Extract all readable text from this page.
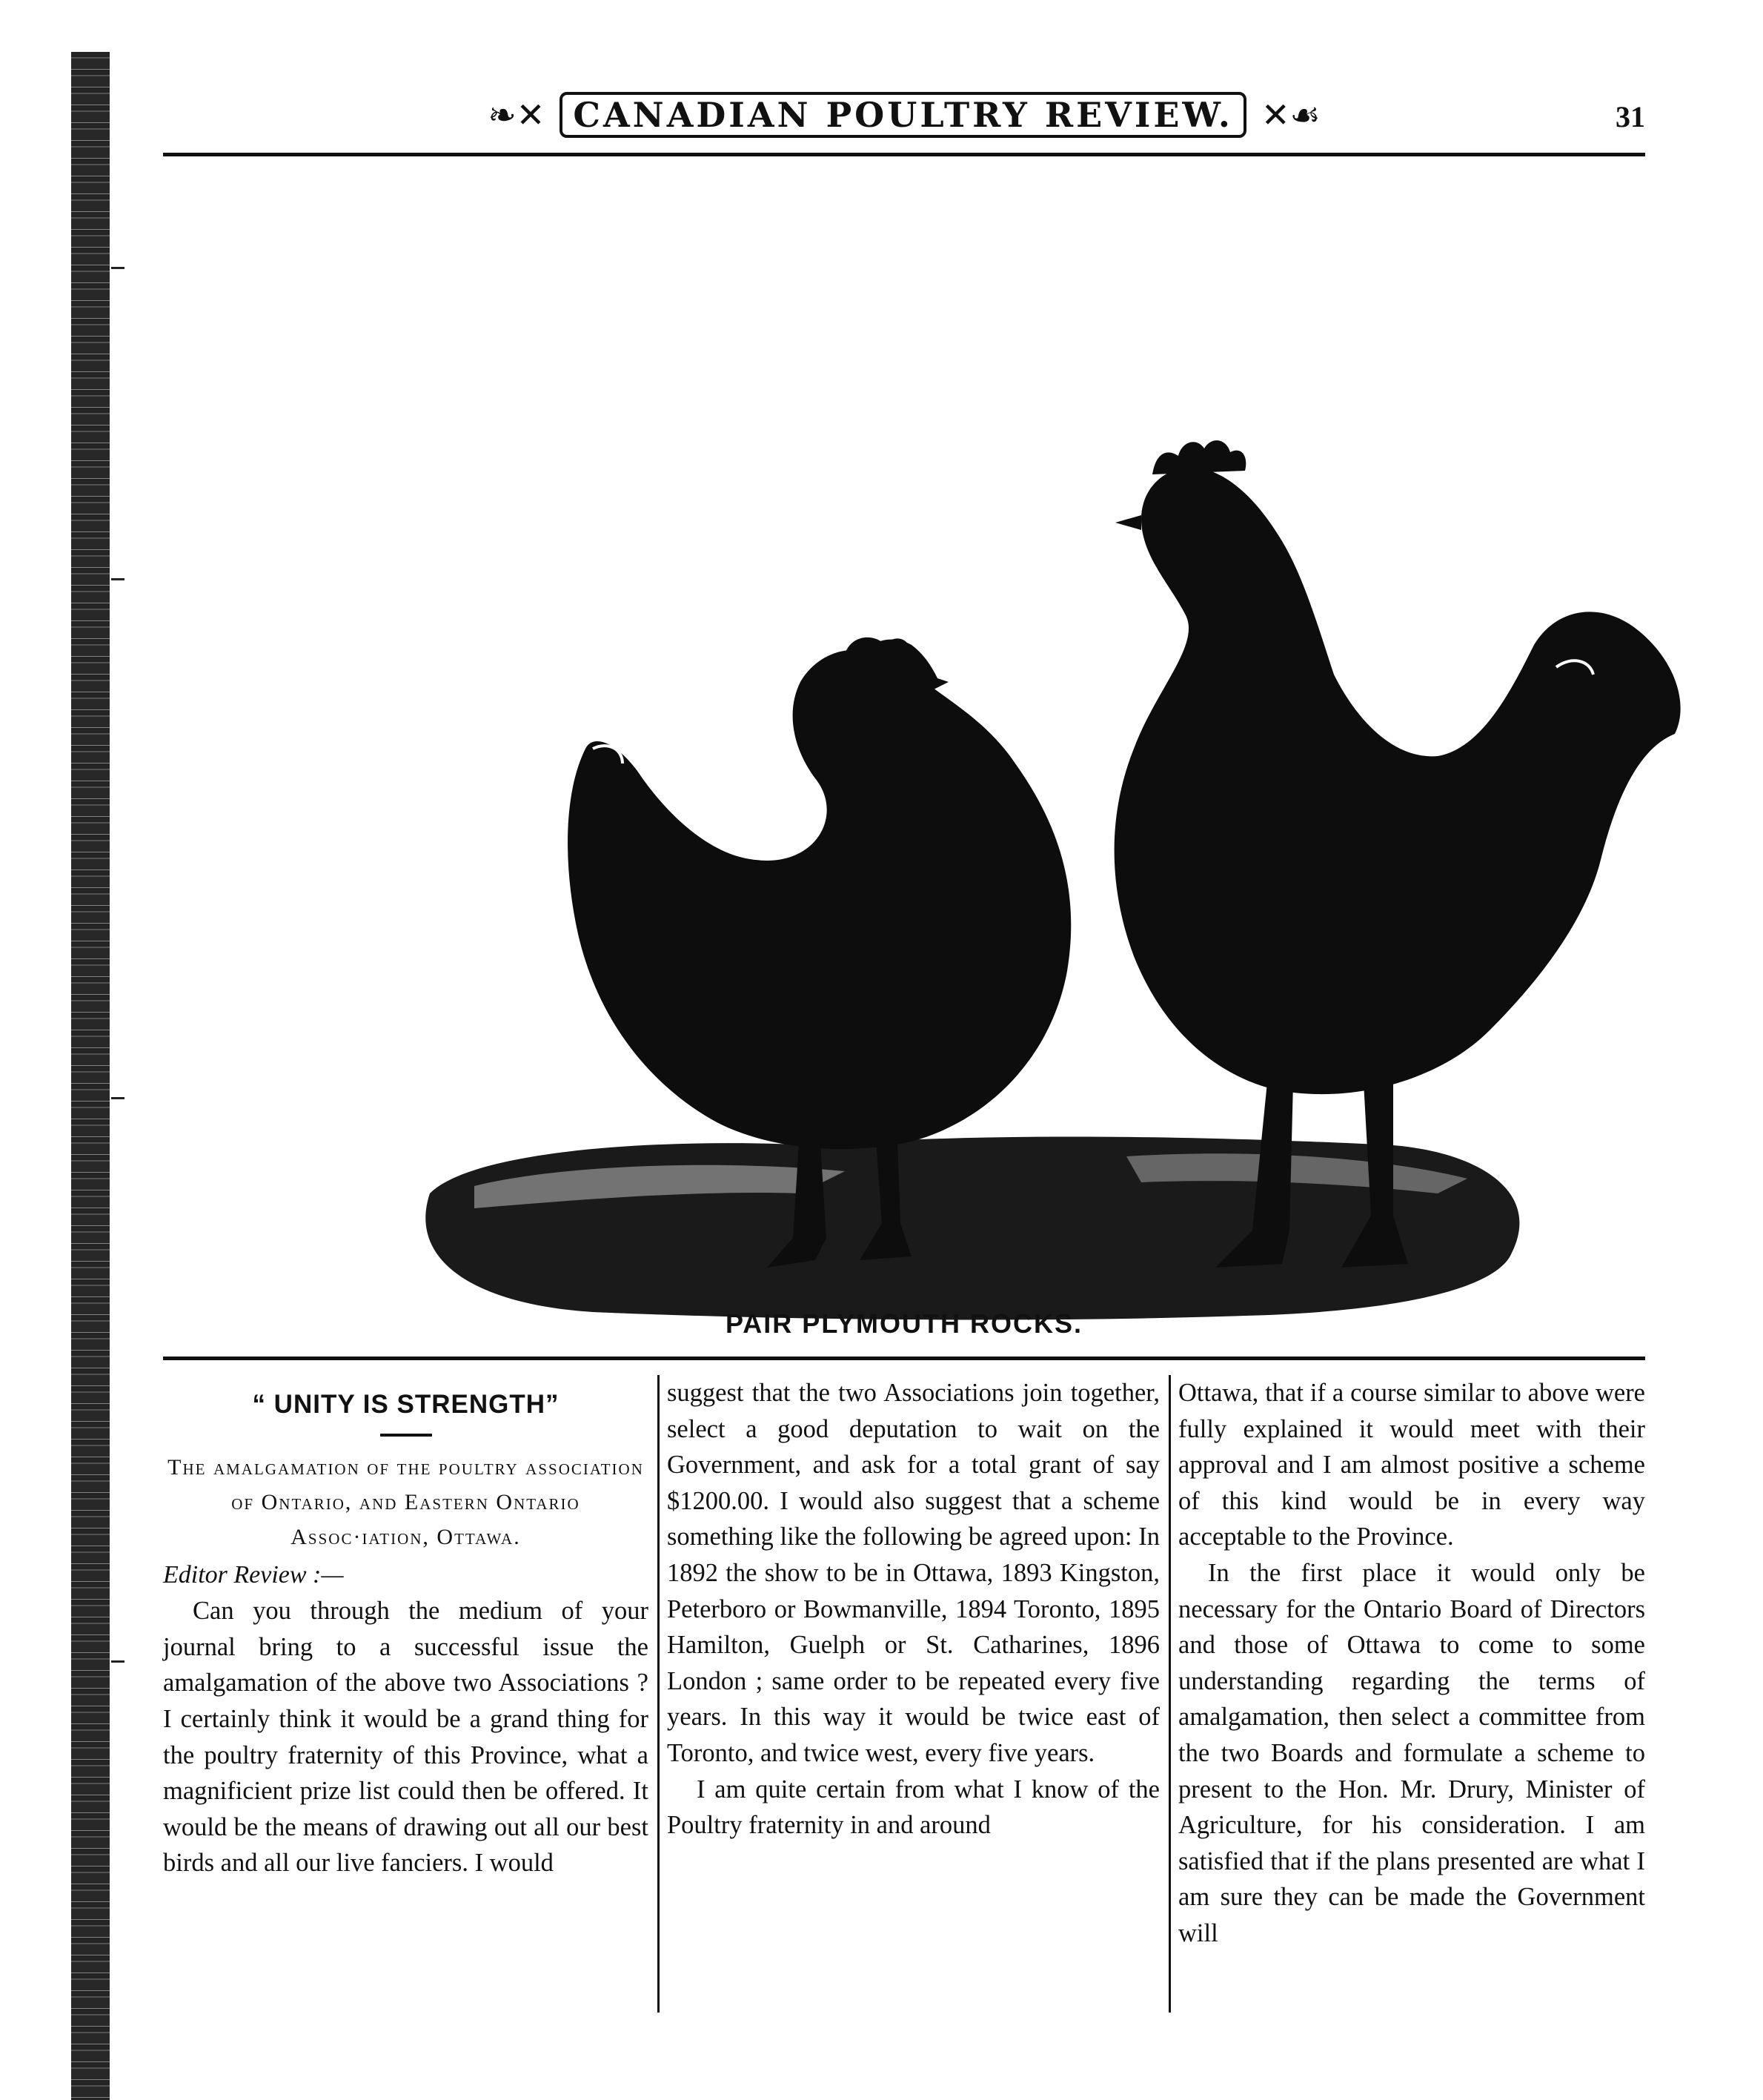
❧✕ CANADIAN POULTRY REVIEW. ✕☙	31
PAIR PLYMOUTH ROCKS.
“ UNITY IS STRENGTH”
The amalgamation of the poultry association of Ontario, and Eastern Ontario Assoc·iation, Ottawa.
Editor Review :—

Can you through the medium of your journal bring to a successful issue the amalgamation of the above two Associations ? I certainly think it would be a grand thing for the poultry fraternity of this Province, what a magnificient prize list could then be offered. It would be the means of drawing out all our best birds and all our live fanciers. I would

suggest that the two Associations join together, select a good deputation to wait on the Government, and ask for a total grant of say $1200.00. I would also suggest that a scheme something like the following be agreed upon: In 1892 the show to be in Ottawa, 1893 Kingston, Peterboro or Bowmanville, 1894 Toronto, 1895 Hamilton, Guelph or St. Catharines, 1896 London ; same order to be repeated every five years. In this way it would be twice east of Toronto, and twice west, every five years.

I am quite certain from what I know of the Poultry fraternity in and around

Ottawa, that if a course similar to above were fully explained it would meet with their approval and I am almost positive a scheme of this kind would be in every way acceptable to the Province.

In the first place it would only be necessary for the Ontario Board of Directors and those of Ottawa to come to some understanding regarding the terms of amalgamation, then select a committee from the two Boards and formulate a scheme to present to the Hon. Mr. Drury, Minister of Agriculture, for his consideration. I am satisfied that if the plans presented are what I am sure they can be made the Government will
